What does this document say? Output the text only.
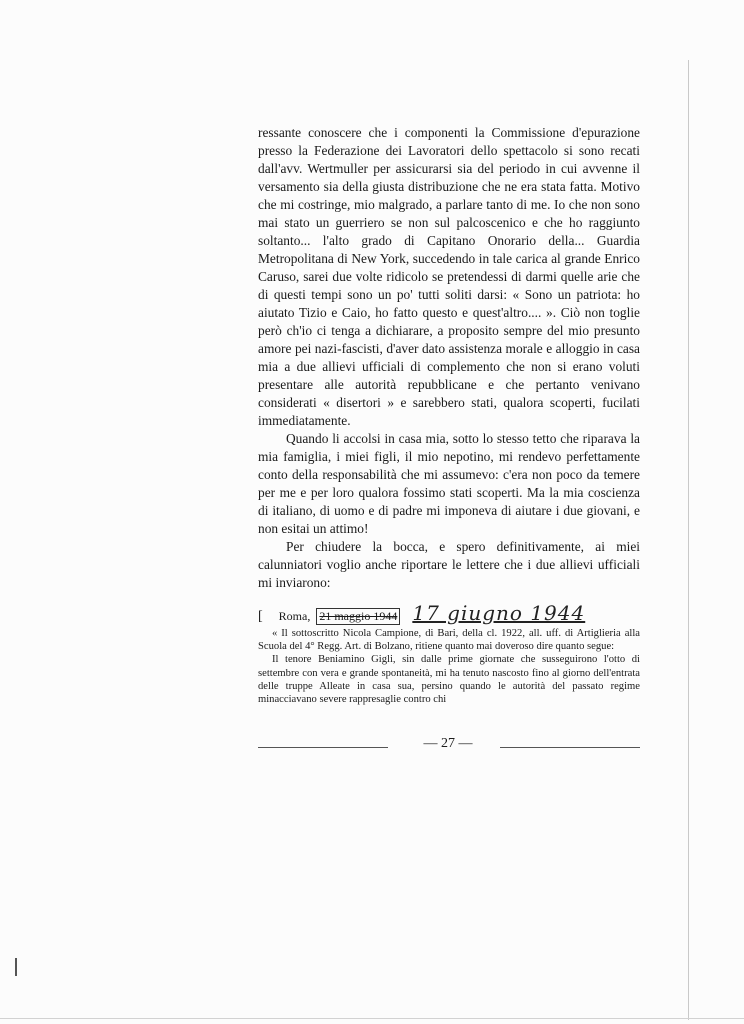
ressante conoscere che i componenti la Commissione d'epurazione presso la Federazione dei Lavoratori dello spettacolo si sono recati dall'avv. Wertmuller per assicurarsi sia del periodo in cui avvenne il versamento sia della giusta distribuzione che ne era stata fatta. Motivo che mi costringe, mio malgrado, a parlare tanto di me. Io che non sono mai stato un guerriero se non sul palcoscenico e che ho raggiunto soltanto... l'alto grado di Capitano Onorario della... Guardia Metropolitana di New York, succedendo in tale carica al grande Enrico Caruso, sarei due volte ridicolo se pretendessi di darmi quelle arie che di questi tempi sono un po' tutti soliti darsi: « Sono un patriota: ho aiutato Tizio e Caio, ho fatto questo e quest'altro.... ». Ciò non toglie però ch'io ci tenga a dichiarare, a proposito sempre del mio presunto amore pei nazi-fascisti, d'aver dato assistenza morale e alloggio in casa mia a due allievi ufficiali di complemento che non si erano voluti presentare alle autorità repubblicane e che pertanto venivano considerati « disertori » e sarebbero stati, qualora scoperti, fucilati immediatamente.

Quando li accolsi in casa mia, sotto lo stesso tetto che riparava la mia famiglia, i miei figli, il mio nepotino, mi rendevo perfettamente conto della responsabilità che mi assumevo: c'era non poco da temere per me e per loro qualora fossimo stati scoperti. Ma la mia coscienza di italiano, di uomo e di padre mi imponeva di aiutare i due giovani, e non esitai un attimo!

Per chiudere la bocca, e spero definitivamente, ai miei calunniatori voglio anche riportare le lettere che i due allievi ufficiali mi inviarono:

[ Roma, 21 maggio 1944 17 giugno 1944

« Il sottoscritto Nicola Campione, di Bari, della cl. 1922, all. uff. di Artiglieria alla Scuola del 4° Regg. Art. di Bolzano, ritiene quanto mai doveroso dire quanto segue:

Il tenore Beniamino Gigli, sin dalle prime giornate che susseguirono l'otto di settembre con vera e grande spontaneità, mi ha tenuto nascosto fino al giorno dell'entrata delle truppe Alleate in casa sua, persino quando le autorità del passato regime minacciavano severe rappresaglie contro chi

— 27 —
